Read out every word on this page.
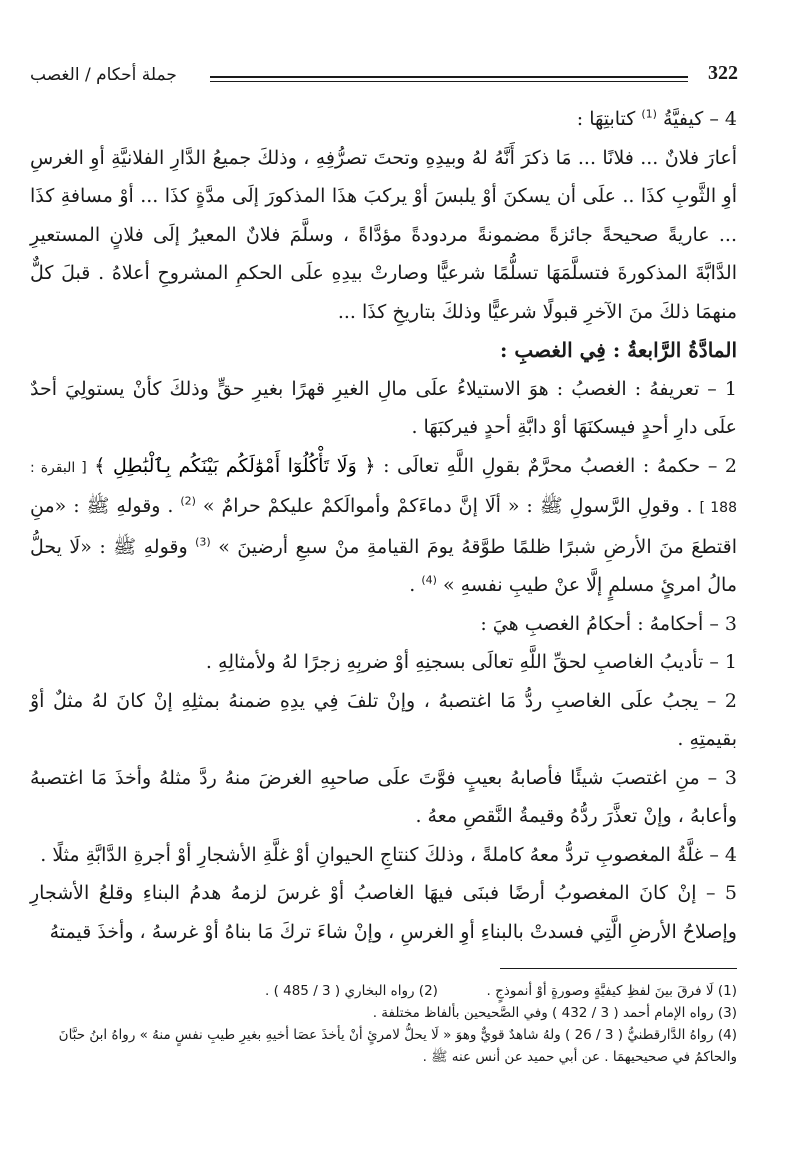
322
جملة أحكام / الغصب

4 – كيفيَّةُ $^{(1)}$ كتابتِهَا :

أعارَ فلانٌ ... فلانًا ... مَا ذكرَ أَنَّهُ لهُ وبيدِهِ وتحتَ تصرُّفِهِ ، وذلكَ جميعُ الدَّارِ الفلانيَّةِ أوِ الغرسِ أوِ الثَّوبِ كذَا .. علَى أن يسكنَ أوْ يلبسَ أوْ يركبَ هذَا المذكورَ إلَى مدَّةٍ كذَا ... أوْ مسافةِ كذَا ... عاريةً صحيحةً جائزةً مضمونةً مردودةً مؤدَّاةً ، وسلَّمَ فلانٌ المعيرُ إلَى فلانٍ المستعيرِ الدَّابَّةَ المذكورةَ فتسلَّمَهَا تسلُّمًا شرعيًّا وصارتْ بيدِهِ علَى الحكمِ المشروحِ أعلاهُ . قبلَ كلٌّ منهمَا ذلكَ منَ الآخرِ قبولًا شرعيًّا وذلكَ بتاريخِ كذَا ...

المادَّةُ الرَّابعةُ : فِي الغصبِ :

1 – تعريفهُ : الغصبُ : هوَ الاستيلاءُ علَى مالِ الغيرِ قهرًا بغيرِ حقٍّ وذلكَ كأنْ يستولِيَ أحدٌ علَى دارِ أحدٍ فيسكنَهَا أوْ دابَّةِ أحدٍ فيركبَهَا .

2 – حكمهُ : الغصبُ محرَّمٌ بقولِ اللَّهِ تعالَى : ﴿ وَلَا تَأْكُلُوٓا أَمْوَٰلَكُم بَيْنَكُم بِٱلْبَٰطِلِ ﴾ [ البقرة : 188 ] . وقولِ الرَّسولِ ﷺ : « ألَا إنَّ دماءَكمْ وأموالَكمْ عليكمْ حرامٌ » $^{(2)}$ . وقولهِ ﷺ : «منِ اقتطعَ منَ الأرضِ شبرًا ظلمًا طوَّقهُ يومَ القيامةِ منْ سبعِ أرضينَ » $^{(3)}$ وقولهِ ﷺ : «لَا يحلُّ مالُ امرئٍ مسلمٍ إلَّا عنْ طيبِ نفسهِ » $^{(4)}$ .

3 – أحكامهُ : أحكامُ الغصبِ هيَ :

1 – تأديبُ الغاصبِ لحقِّ اللَّهِ تعالَى بسجنِهِ أوْ ضربِهِ زجرًا لهُ ولأمثالِهِ .

2 – يجبُ علَى الغاصبِ ردُّ مَا اغتصبهُ ، وإنْ تلفَ فِي يدِهِ ضمنهُ بمثلِهِ إنْ كانَ لهُ مثلٌ أوْ بقيمتِهِ .

3 – منِ اغتصبَ شيئًا فأصابهُ بعيبٍ فوَّتَ علَى صاحبِهِ الغرضَ منهُ ردَّ مثلهُ وأخذَ مَا اغتصبهُ وأعابهُ ، وإنْ تعذَّرَ ردُّهُ وقيمةُ النَّقصِ معهُ .

4 – غلَّةُ المغصوبِ تردُّ معهُ كاملةً ، وذلكَ كنتاجِ الحيوانِ أوْ غلَّةِ الأشجارِ أوْ أجرةِ الدَّابَّةِ مثلًا .

5 – إنْ كانَ المغصوبُ أرضًا فبنَى فيهَا الغاصبُ أوْ غرسَ لزمهُ هدمُ البناءِ وقلعُ الأشجارِ وإصلاحُ الأرضِ الَّتِي فسدتْ بالبناءِ أوِ الغرسِ ، وإنْ شاءَ تركَ مَا بناهُ أوْ غرسهُ ، وأخذَ قيمتهُ

(1) لَا فرقَ بينَ لفظِ كيفيَّةٍ وصورةٍ أوْ أنموذجٍ .  (2) رواه البخاري ( 3 / 485 ) .

(3) رواه الإمام أحمد ( 3 / 432 ) وفي الصَّحيحين بألفاظ مختلفة .

(4) رواهُ الدَّارقطنيُّ ( 3 / 26 ) ولهُ شاهدٌ قويٌّ وهوَ « لَا يحلُّ لامرئٍ أنْ يأخذَ عصَا أخيهِ بغيرِ طيبِ نفسٍ منهُ » رواهُ ابنُ حبَّانَ والحاكمُ في صحيحيهمَا . عن أبي حميد عن أنس عنه ﷺ .
